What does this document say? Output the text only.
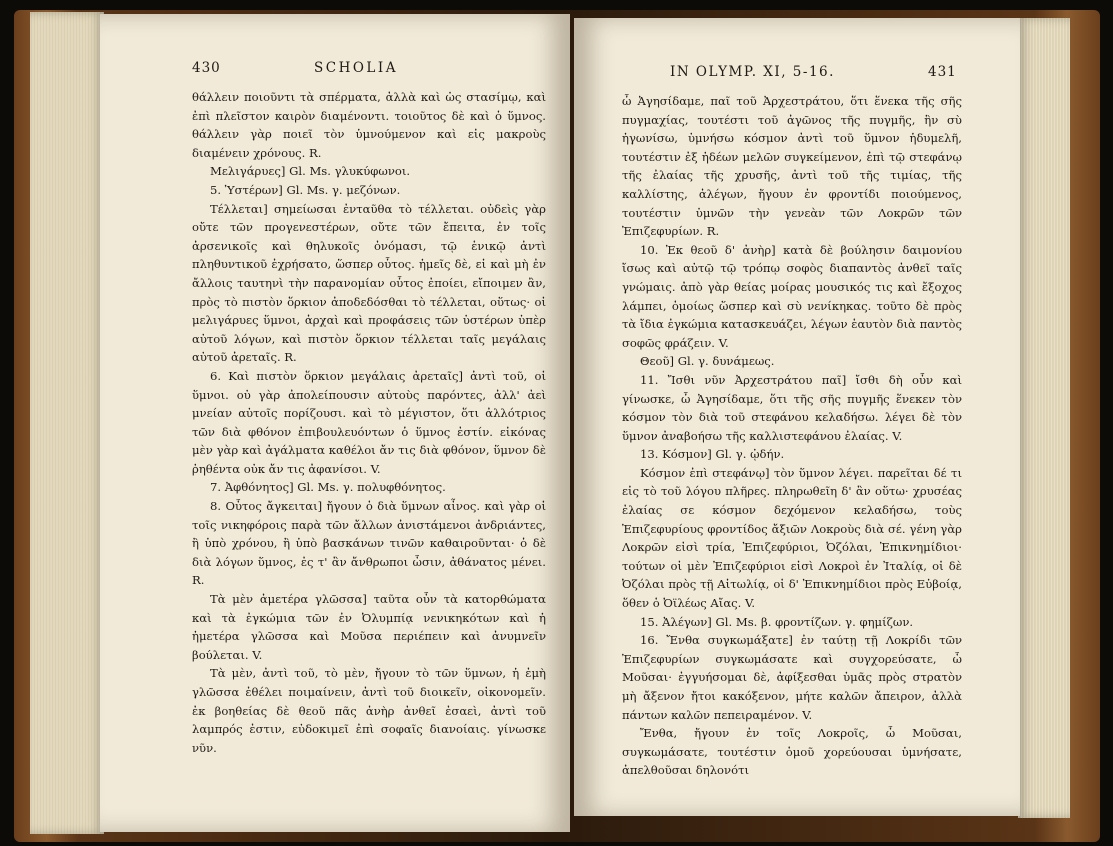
430	SCHOLIA

θάλλειν ποιοῦντι τὰ σπέρματα, ἀλλὰ καὶ ὡς στασίμῳ, καὶ ἐπὶ πλεῖστον καιρὸν διαμένοντι. τοιοῦτος δὲ καὶ ὁ ὕμνος. θάλλειν γὰρ ποιεῖ τὸν ὑμνούμενον καὶ εἰς μακροὺς διαμένειν χρόνους. R.

Μελιγάρυες] Gl. Ms. γλυκύφωνοι.

5. Ὑστέρων] Gl. Ms. γ. μεζόνων.

Τέλλεται] σημείωσαι ἐνταῦθα τὸ τέλλεται. οὐδεὶς γὰρ οὔτε τῶν προγενεστέρων, οὔτε τῶν ἔπειτα, ἐν τοῖς ἀρσενικοῖς καὶ θηλυκοῖς ὀνόμασι, τῷ ἑνικῷ ἀντὶ πληθυντικοῦ ἐχρήσατο, ὥσπερ οὗτος. ἡμεῖς δὲ, εἰ καὶ μὴ ἐν ἄλλοις ταυτηνὶ τὴν παρανομίαν οὗτος ἐποίει, εἴποιμεν ἂν, πρὸς τὸ πιστὸν ὅρκιον ἀποδεδόσθαι τὸ τέλλεται, οὕτως· οἱ μελιγάρυες ὕμνοι, ἀρχαὶ καὶ προφάσεις τῶν ὑστέρων ὑπὲρ αὐτοῦ λόγων, καὶ πιστὸν ὅρκιον τέλλεται ταῖς μεγάλαις αὐτοῦ ἀρεταῖς. R.

6. Καὶ πιστὸν ὅρκιον μεγάλαις ἀρεταῖς] ἀντὶ τοῦ, οἱ ὕμνοι. οὐ γὰρ ἀπολείπουσιν αὐτοὺς παρόντες, ἀλλ' ἀεὶ μνείαν αὐτοῖς πορίζουσι. καὶ τὸ μέγιστον, ὅτι ἀλλότριος τῶν διὰ φθόνον ἐπιβουλευόντων ὁ ὕμνος ἐστίν. εἰκόνας μὲν γὰρ καὶ ἀγάλματα καθέλοι ἄν τις διὰ φθόνον, ὕμνον δὲ ῥηθέντα οὐκ ἄν τις ἀφανίσοι. V.

7. Ἀφθόνητος] Gl. Ms. γ. πολυφθόνητος.

8. Οὗτος ἄγκειται] ἤγουν ὁ διὰ ὕμνων αἶνος. καὶ γὰρ οἱ τοῖς νικηφόροις παρὰ τῶν ἄλλων ἀνιστάμενοι ἀνδριάντες, ἢ ὑπὸ χρόνου, ἢ ὑπὸ βασκάνων τινῶν καθαιροῦνται· ὁ δὲ διὰ λόγων ὕμνος, ἐς τ' ἂν ἄνθρωποι ὦσιν, ἀθάνατος μένει. R.

Τὰ μὲν ἀμετέρα γλῶσσα] ταῦτα οὖν τὰ κατορθώματα καὶ τὰ ἐγκώμια τῶν ἐν Ὀλυμπίᾳ νενικηκότων καὶ ἡ ἡμετέρα γλῶσσα καὶ Μοῦσα περιέπειν καὶ ἀνυμνεῖν βούλεται. V.

Τὰ μὲν, ἀντὶ τοῦ, τὸ μὲν, ἤγουν τὸ τῶν ὕμνων, ἡ ἐμὴ γλῶσσα ἐθέλει ποιμαίνειν, ἀντὶ τοῦ διοικεῖν, οἰκονομεῖν. ἐκ βοηθείας δὲ θεοῦ πᾶς ἀνὴρ ἀνθεῖ ἐσαεὶ, ἀντὶ τοῦ λαμπρός ἐστιν, εὐδοκιμεῖ ἐπὶ σοφαῖς διανοίαις. γίνωσκε νῦν.

IN OLYMP. XI, 5-16.	431

ὦ Ἀγησίδαμε, παῖ τοῦ Ἀρχεστράτου, ὅτι ἕνεκα τῆς σῆς πυγμαχίας, τουτέστι τοῦ ἀγῶνος τῆς πυγμῆς, ἣν σὺ ἠγωνίσω, ὑμνήσω κόσμον ἀντὶ τοῦ ὕμνον ἡδυμελῆ, τουτέστιν ἐξ ἡδέων μελῶν συγκείμενον, ἐπὶ τῷ στεφάνῳ τῆς ἐλαίας τῆς χρυσῆς, ἀντὶ τοῦ τῆς τιμίας, τῆς καλλίστης, ἀλέγων, ἤγουν ἐν φροντίδι ποιούμενος, τουτέστιν ὑμνῶν τὴν γενεὰν τῶν Λοκρῶν τῶν Ἐπιζεφυρίων. R.

10. Ἐκ θεοῦ δ' ἀνὴρ] κατὰ δὲ βούλησιν δαιμονίου ἴσως καὶ αὐτῷ τῷ τρόπῳ σοφὸς διαπαντὸς ἀνθεῖ ταῖς γνώμαις. ἀπὸ γὰρ θείας μοίρας μουσικός τις καὶ ἔξοχος λάμπει, ὁμοίως ὥσπερ καὶ σὺ νενίκηκας. τοῦτο δὲ πρὸς τὰ ἴδια ἐγκώμια κατασκευάζει, λέγων ἑαυτὸν διὰ παντὸς σοφῶς φράζειν. V.

Θεοῦ] Gl. γ. δυνάμεως.

11. Ἴσθι νῦν Ἀρχεστράτου παῖ] ἴσθι δὴ οὖν καὶ γίνωσκε, ὦ Ἀγησίδαμε, ὅτι τῆς σῆς πυγμῆς ἕνεκεν τὸν κόσμον τὸν διὰ τοῦ στεφάνου κελαδήσω. λέγει δὲ τὸν ὕμνον ἀναβοήσω τῆς καλλιστεφάνου ἐλαίας. V.

13. Κόσμον] Gl. γ. ᾠδήν.

Κόσμον ἐπὶ στεφάνῳ] τὸν ὕμνον λέγει. παρεῖται δέ τι εἰς τὸ τοῦ λόγου πλῆρες. πληρωθεῖη δ' ἂν οὕτω· χρυσέας ἐλαίας σε κόσμον δεχόμενον κελαδήσω, τοὺς Ἐπιζεφυρίους φροντίδος ἄξιῶν Λοκροὺς διὰ σέ. γένη γὰρ Λοκρῶν εἰσὶ τρία, Ἐπιζεφύριοι, Ὀζόλαι, Ἐπικνημίδιοι· τούτων οἱ μὲν Ἐπιζεφύριοι εἰσὶ Λοκροὶ ἐν Ἰταλίᾳ, οἱ δὲ Ὀζόλαι πρὸς τῇ Αἰτωλίᾳ, οἱ δ' Ἐπικνημίδιοι πρὸς Εὐβοίᾳ, ὅθεν ὁ Ὀϊλέως Αἴας. V.

15. Ἀλέγων] Gl. Ms. β. φροντίζων. γ. φημίζων.

16. Ἔνθα συγκωμάξατε] ἐν ταύτῃ τῇ Λοκρίδι τῶν Ἐπιζεφυρίων συγκωμάσατε καὶ συγχορεύσατε, ὦ Μοῦσαι· ἐγγυήσομαι δὲ, ἀφίξεσθαι ὑμᾶς πρὸς στρατὸν μὴ ἄξενον ἤτοι κακόξενον, μήτε καλῶν ἄπειρον, ἀλλὰ πάντων καλῶν πεπειραμένον. V.

Ἔνθα, ἤγουν ἐν τοῖς Λοκροῖς, ὦ Μοῦσαι, συγκωμάσατε, τουτέστιν ὁμοῦ χορεύουσαι ὑμνήσατε, ἀπελθοῦσαι δηλονότι
